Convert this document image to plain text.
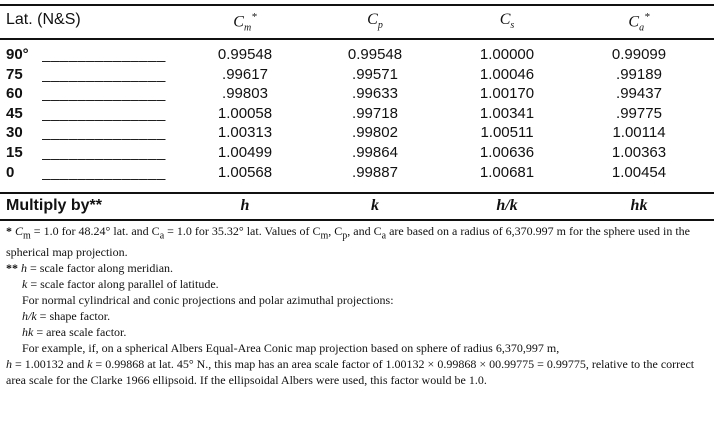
Lat. (N&S)	$C_m^*$	$C_p$	$C_s$	$C_a^*$
90° ______________	0.99548	0.99548	1.00000	0.99099
75 ______________	.99617	.99571	1.00046	.99189
60 ______________	.99803	.99633	1.00170	.99437
45 ______________	1.00058	.99718	1.00341	.99775
30 ______________	1.00313	.99802	1.00511	1.00114
15 ______________	1.00499	.99864	1.00636	1.00363
0 ______________	1.00568	.99887	1.00681	1.00454
Multiply by**	h	k	h/k	hk

* $C_m = 1.0$ for 48.24° lat. and $C_a = 1.0$ for 35.32° lat. Values of $C_m$, $C_p$, and $C_a$ are based on a radius of 6,370.997 m for the sphere used in the spherical map projection.

** h = scale factor along meridian.

k = scale factor along parallel of latitude.

For normal cylindrical and conic projections and polar azimuthal projections:

h/k = shape factor.

hk = area scale factor.

For example, if, on a spherical Albers Equal-Area Conic map projection based on sphere of radius 6,370,997 m,

h = 1.00132 and k = 0.99868 at lat. 45° N., this map has an area scale factor of 1.00132 × 0.99868 × 00.99775 = 0.99775, relative to the correct area scale for the Clarke 1966 ellipsoid. If the ellipsoidal Albers were used, this factor would be 1.0.
